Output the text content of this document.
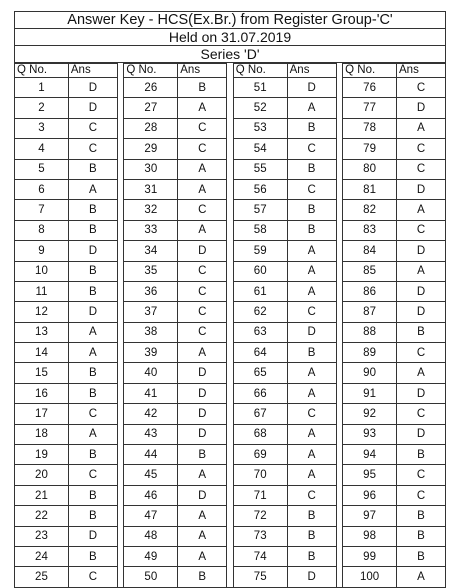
Answer Key - HCS(Ex.Br.) from Register Group-'C'
Held on 31.07.2019
Series 'D'
Q No.	Ans
1	D
2	D
3	C
4	C
5	B
6	A
7	B
8	B
9	D
10	B
11	B
12	D
13	A
14	A
15	B
16	B
17	C
18	A
19	B
20	C
21	B
22	B
23	D
24	B
25	C
Q No.	Ans
26	B
27	A
28	C
29	C
30	A
31	A
32	C
33	A
34	D
35	C
36	C
37	C
38	C
39	A
40	D
41	D
42	D
43	D
44	B
45	A
46	D
47	A
48	A
49	A
50	B
Q No.	Ans
51	D
52	A
53	B
54	C
55	B
56	C
57	B
58	B
59	A
60	A
61	A
62	C
63	D
64	B
65	A
66	A
67	C
68	A
69	A
70	A
71	C
72	B
73	B
74	B
75	D
Q No.	Ans
76	C
77	D
78	A
79	C
80	C
81	D
82	A
83	C
84	D
85	A
86	D
87	D
88	B
89	C
90	A
91	D
92	C
93	D
94	B
95	C
96	C
97	B
98	B
99	B
100	A
